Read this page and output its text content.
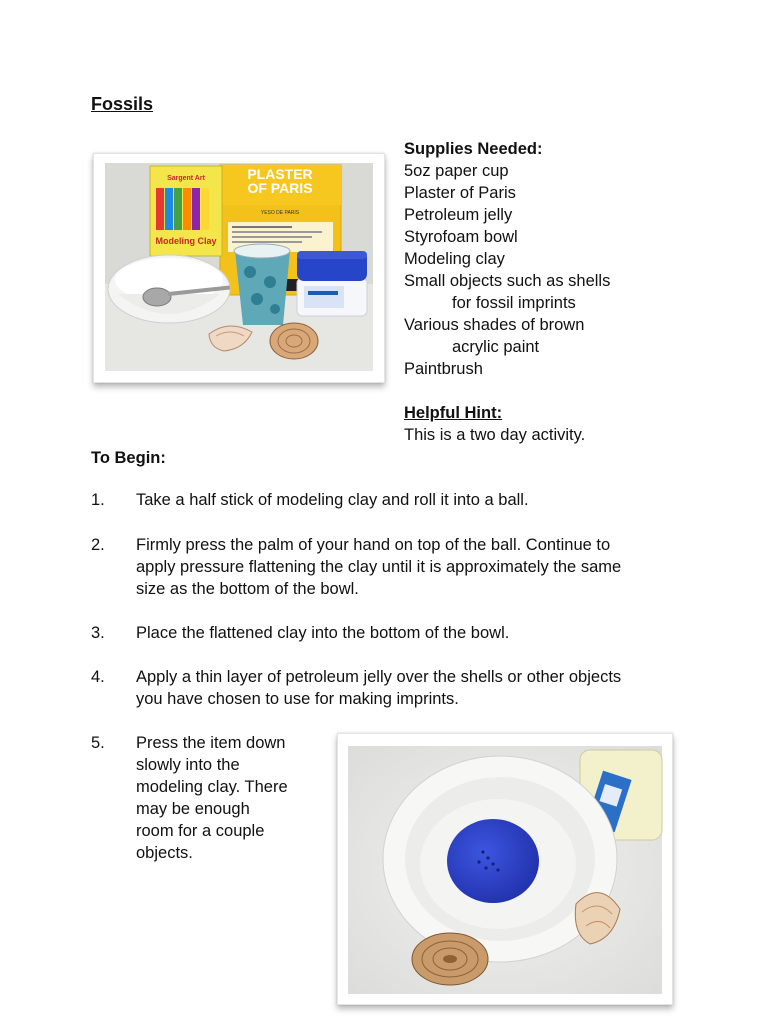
Fossils
PLASTER
OF PARIS
YESO DE PARIS
Sargent Art
Modeling Clay
Supplies Needed:
5oz paper cup
Plaster of Paris
Petroleum jelly
Styrofoam bowl
Modeling clay
Small objects such as shells
for fossil imprints
Various shades of brown
acrylic paint
Paintbrush
Helpful Hint:
This is a two day activity.
To Begin:
1.	Take a half stick of modeling clay and roll it into a ball.
2.	Firmly press the palm of your hand on top of the ball. Continue to
apply pressure flattening the clay until it is approximately the same
size as the bottom of the bowl.
3.	Place the flattened clay into the bottom of the bowl.
4.	Apply a thin layer of petroleum jelly over the shells or other objects
you have chosen to use for making imprints.
5.	Press the item down
slowly into the
modeling clay. There
may be enough
room for a couple
objects.
